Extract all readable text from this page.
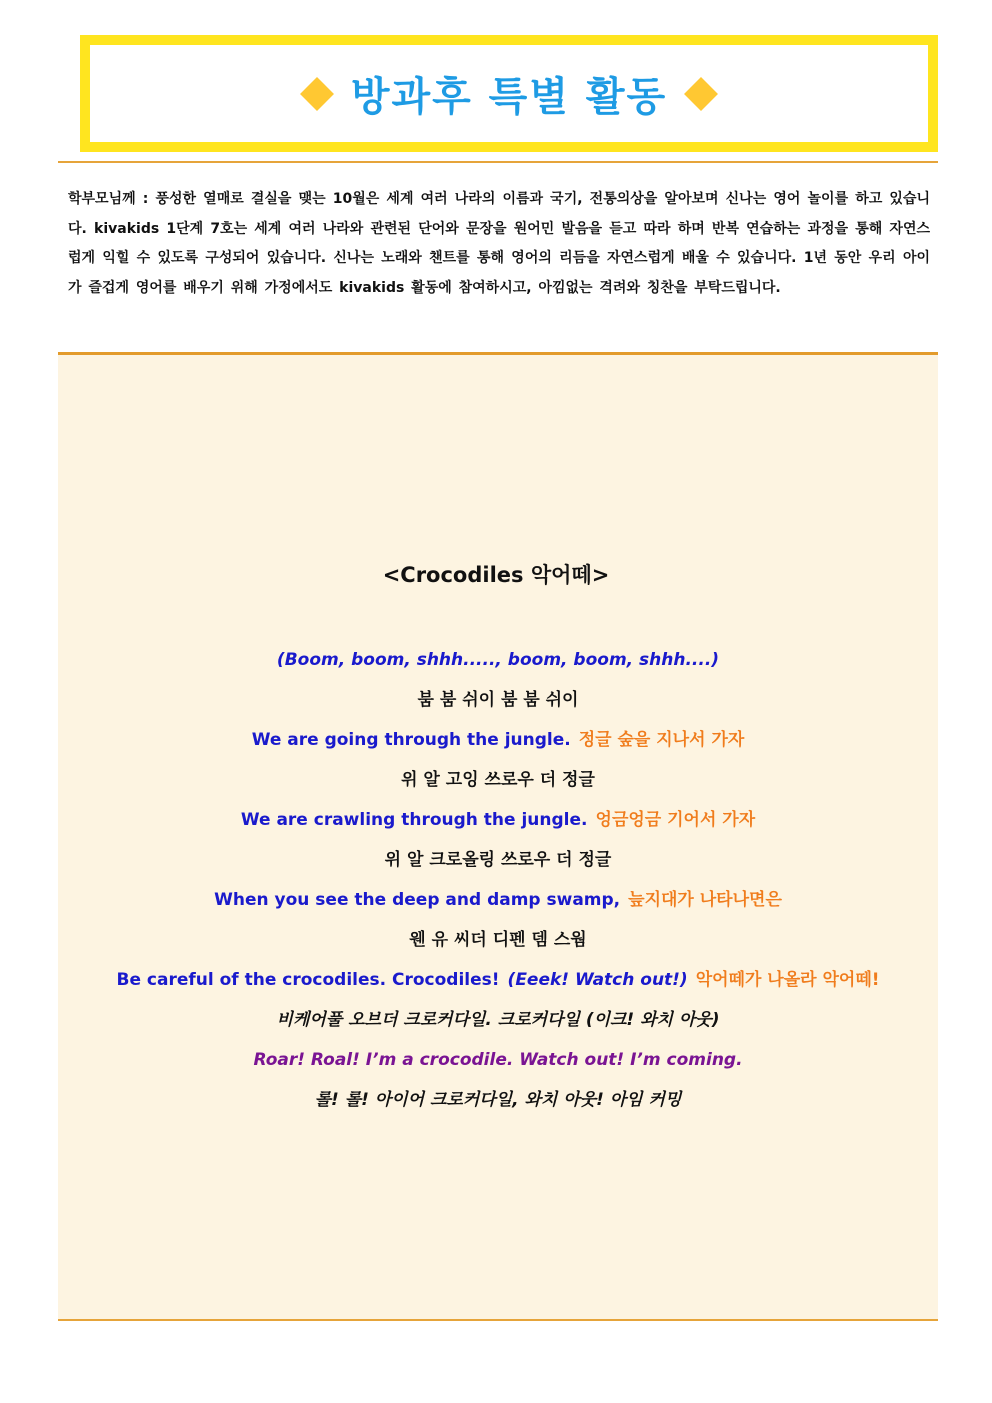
방과후 특별 활동

학부모님께 : 풍성한 열매로 결실을 맺는 10월은 세계 여러 나라의 이름과 국기, 전통의상을 알아보며 신나는 영어 놀이를 하고 있습니다. kivakids 1단계 7호는 세계 여러 나라와 관련된 단어와 문장을 원어민 발음을 듣고 따라 하며 반복 연습하는 과정을 통해 자연스럽게 익힐 수 있도록 구성되어 있습니다. 신나는 노래와 챈트를 통해 영어의 리듬을 자연스럽게 배울 수 있습니다. 1년 동안 우리 아이가 즐겁게 영어를 배우기 위해 가정에서도 kivakids 활동에 참여하시고, 아낌없는 격려와 칭찬을 부탁드립니다.

<Crocodiles 악어떼>
(Boom, boom, shhh....., boom, boom, shhh....)
붐 붐 쉬이 붐 붐 쉬이
We are going through the jungle. 정글 숲을 지나서 가자
위 알 고잉 쓰로우 더 정글
We are crawling through the jungle. 엉금엉금 기어서 가자
위 알 크로올링 쓰로우 더 정글
When you see the deep and damp swamp, 늪지대가 나타나면은
웬 유 씨더 디펜 뎀 스웜
Be careful of the crocodiles. Crocodiles! (Eeek! Watch out!) 악어떼가 나올라 악어떼!
비케어풀 오브더 크로커다일. 크로커다일 (이크! 와치 아웃)
Roar! Roal! I’m a crocodile. Watch out! I’m coming.
롤! 롤! 아이어 크로커다일, 와치 아웃! 아임 커밍
